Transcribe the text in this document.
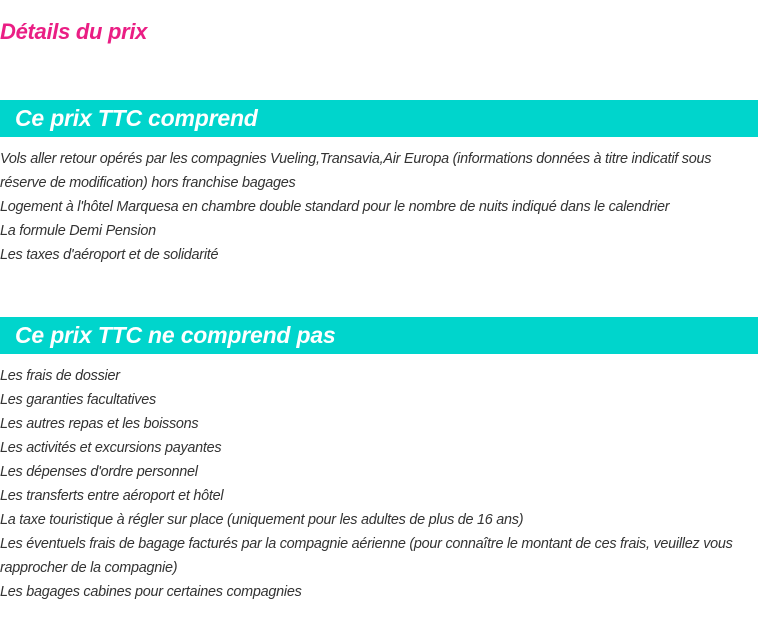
Détails du prix
Ce prix TTC comprend
Vols aller retour opérés par les compagnies Vueling,Transavia,Air Europa (informations données à titre indicatif sous réserve de modification) hors franchise bagages
Logement à l'hôtel Marquesa en chambre double standard pour le nombre de nuits indiqué dans le calendrier
La formule Demi Pension
Les taxes d'aéroport et de solidarité
Ce prix TTC ne comprend pas
Les frais de dossier
Les garanties facultatives
Les autres repas et les boissons
Les activités et excursions payantes
Les dépenses d'ordre personnel
Les transferts entre aéroport et hôtel
La taxe touristique à régler sur place (uniquement pour les adultes de plus de 16 ans)
Les éventuels frais de bagage facturés par la compagnie aérienne (pour connaître le montant de ces frais, veuillez vous rapprocher de la compagnie)
Les bagages cabines pour certaines compagnies
